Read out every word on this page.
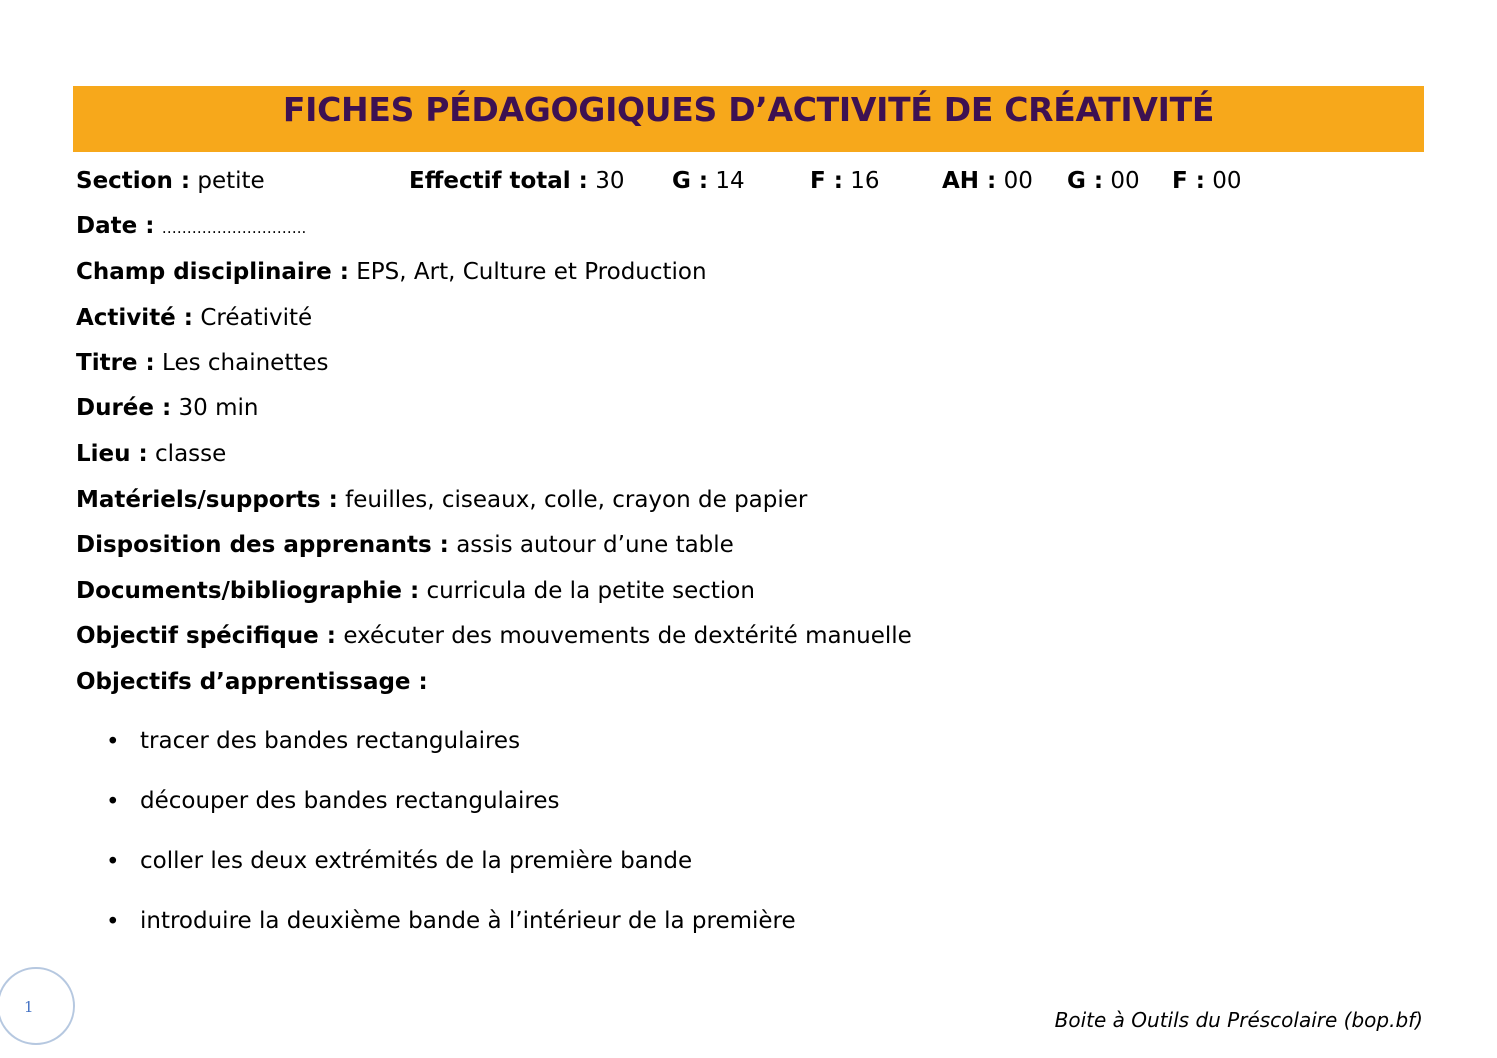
FICHES PÉDAGOGIQUES D’ACTIVITÉ DE CRÉATIVITÉ
Section : petite	Effectif total : 30 G : 14	F : 16	AH : 00 G : 00 F : 00
Date : ………………………..
Champ disciplinaire : EPS, Art, Culture et Production
Activité : Créativité
Titre : Les chainettes
Durée : 30 min
Lieu : classe
Matériels/supports : feuilles, ciseaux, colle, crayon de papier
Disposition des apprenants : assis autour d’une table
Documents/bibliographie : curricula de la petite section
Objectif spécifique : exécuter des mouvements de dextérité manuelle
Objectifs d’apprentissage :
• tracer des bandes rectangulaires
• découper des bandes rectangulaires
• coller les deux extrémités de la première bande
• introduire la deuxième bande à l’intérieur de la première
1
Boite à Outils du Préscolaire (bop.bf)
